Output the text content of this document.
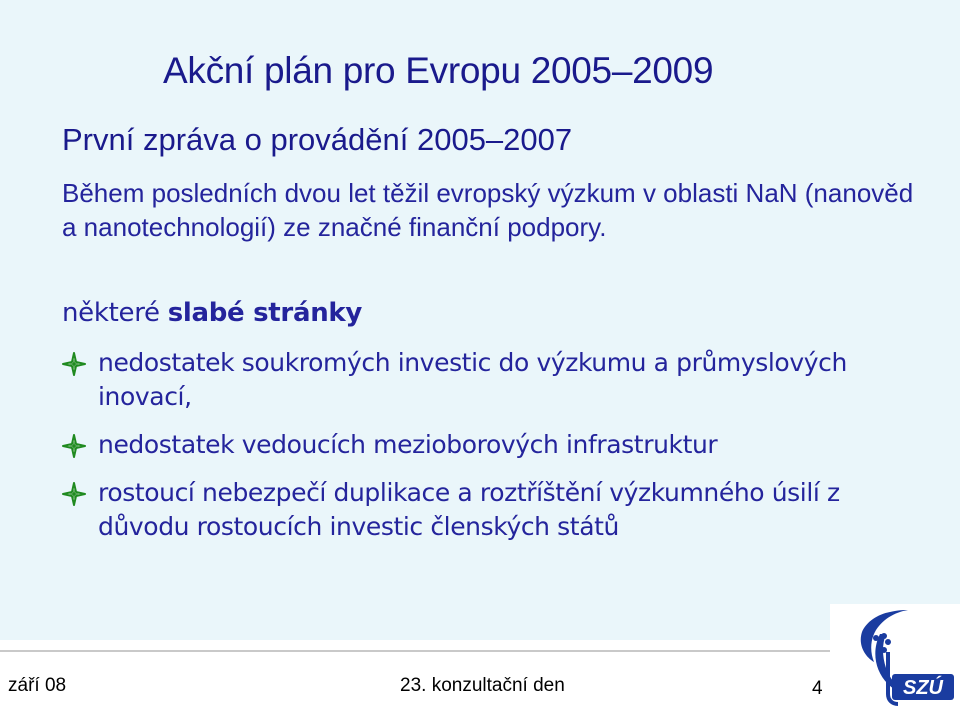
Akční plán pro Evropu 2005–2009
První zpráva o provádění 2005–2007
Během posledních dvou let těžil evropský výzkum v oblasti NaN (nanověd a nanotechnologií) ze značné finanční podpory.
některé slabé stránky
nedostatek soukromých investic do výzkumu a průmyslových inovací,
nedostatek vedoucích mezioborových infrastruktur
rostoucí nebezpečí duplikace a roztříštění výzkumného úsilí z důvodu rostoucích investic členských států
září 08	23. konzultační den	4	SZÚ
